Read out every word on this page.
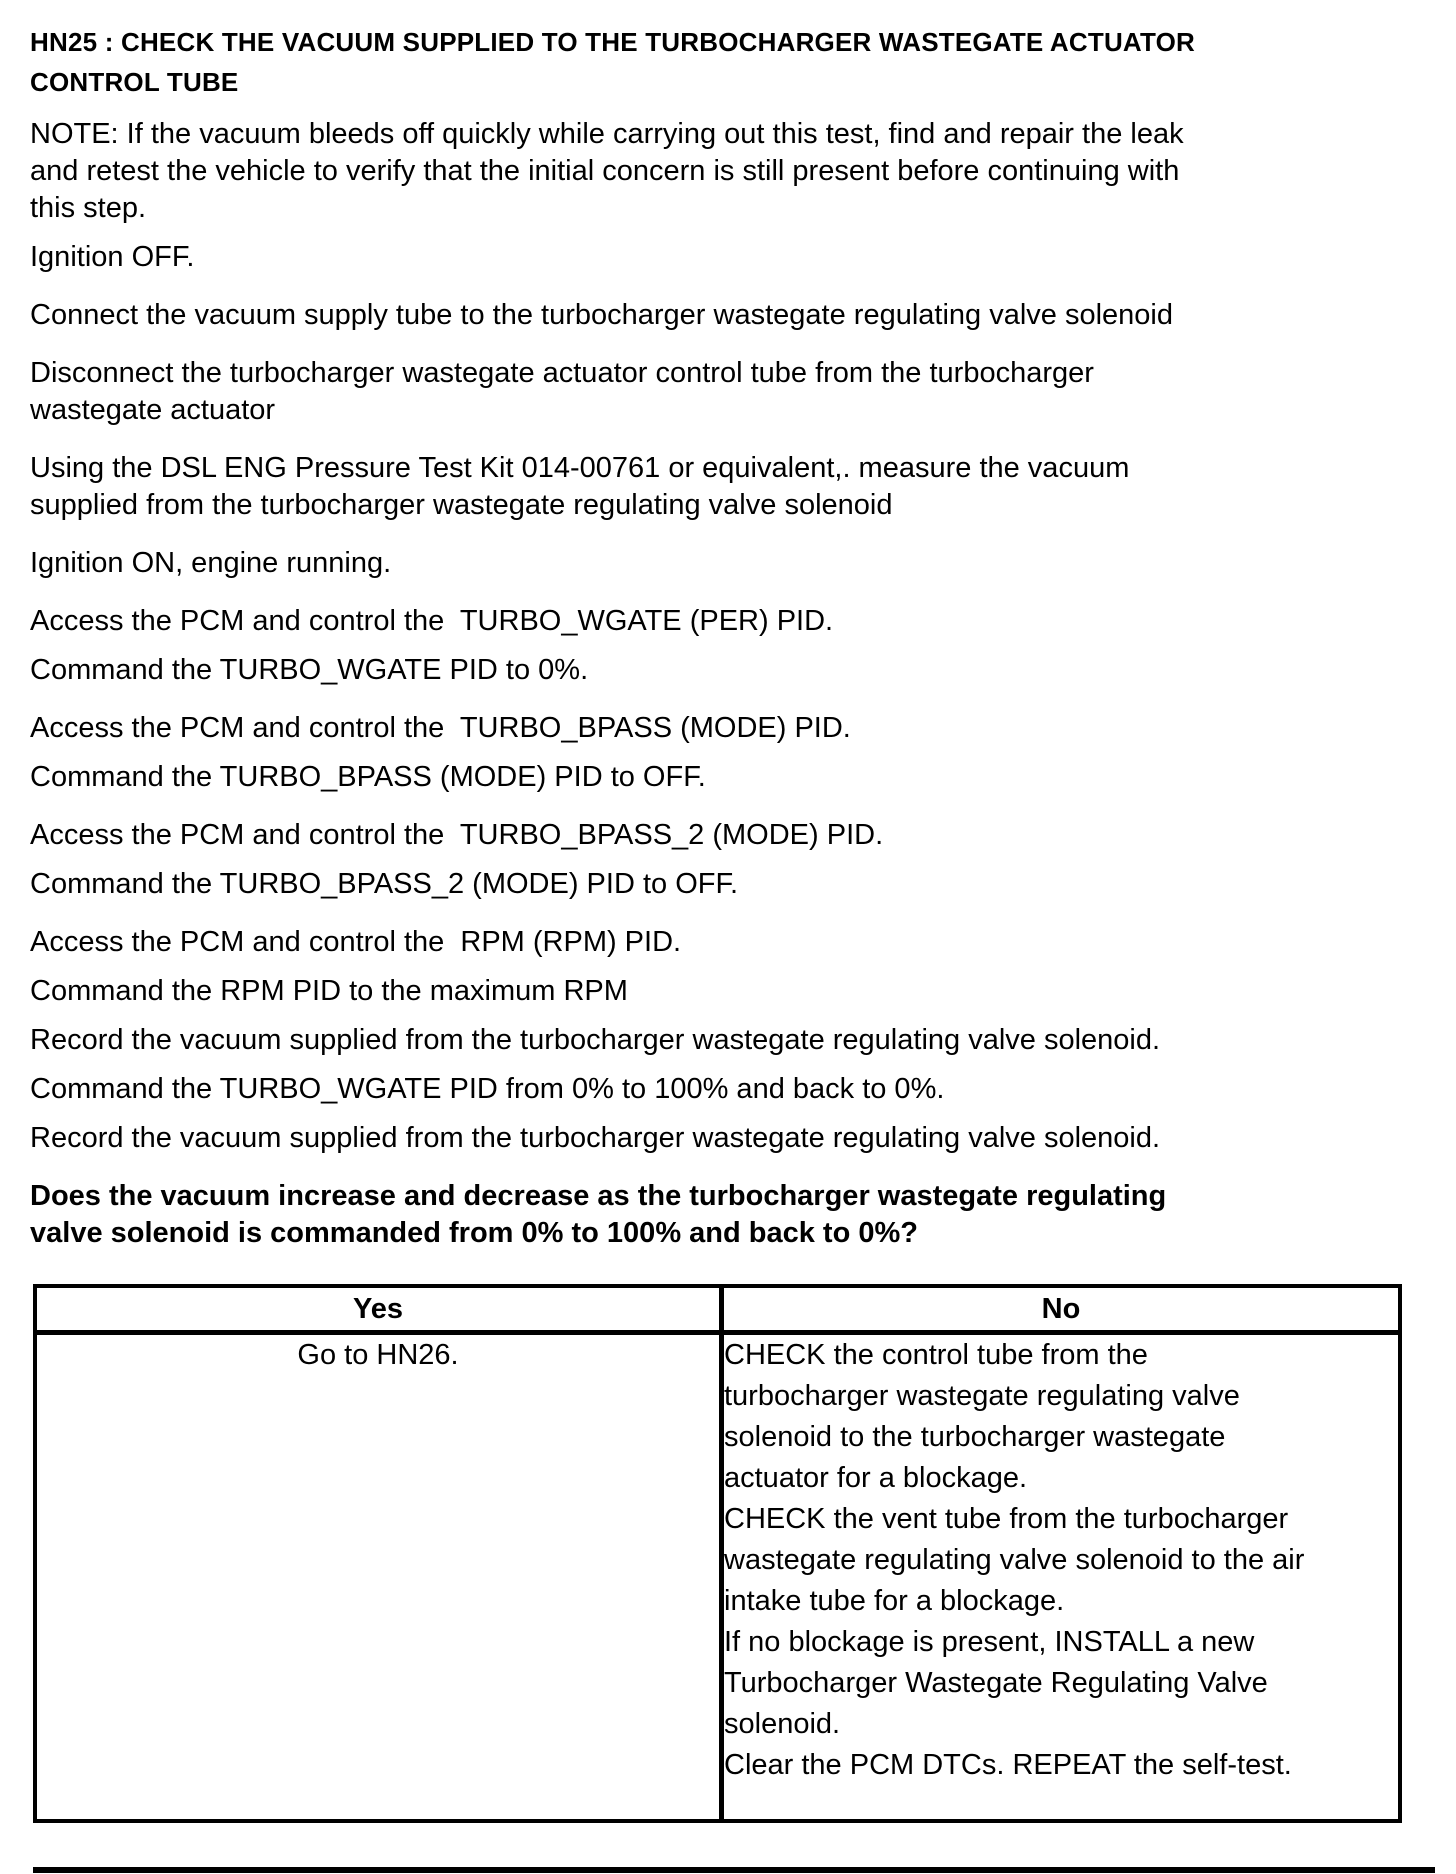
HN25 : CHECK THE VACUUM SUPPLIED TO THE TURBOCHARGER WASTEGATE ACTUATOR
CONTROL TUBE
NOTE: If the vacuum bleeds off quickly while carrying out this test, find and repair the leak
and retest the vehicle to verify that the initial concern is still present before continuing with
this step.
Ignition OFF.
Connect the vacuum supply tube to the turbocharger wastegate regulating valve solenoid
Disconnect the turbocharger wastegate actuator control tube from the turbocharger
wastegate actuator
Using the DSL ENG Pressure Test Kit 014-00761 or equivalent,. measure the vacuum
supplied from the turbocharger wastegate regulating valve solenoid
Ignition ON, engine running.
Access the PCM and control the  TURBO_WGATE (PER) PID.
Command the TURBO_WGATE PID to 0%.
Access the PCM and control the  TURBO_BPASS (MODE) PID.
Command the TURBO_BPASS (MODE) PID to OFF.
Access the PCM and control the  TURBO_BPASS_2 (MODE) PID.
Command the TURBO_BPASS_2 (MODE) PID to OFF.
Access the PCM and control the  RPM (RPM) PID.
Command the RPM PID to the maximum RPM
Record the vacuum supplied from the turbocharger wastegate regulating valve solenoid.
Command the TURBO_WGATE PID from 0% to 100% and back to 0%.
Record the vacuum supplied from the turbocharger wastegate regulating valve solenoid.
Does the vacuum increase and decrease as the turbocharger wastegate regulating
valve solenoid is commanded from 0% to 100% and back to 0%?
Yes	No

Go to HN26.	CHECK the control tube from the
turbocharger wastegate regulating valve
solenoid to the turbocharger wastegate
actuator for a blockage.
CHECK the vent tube from the turbocharger
wastegate regulating valve solenoid to the air
intake tube for a blockage.
If no blockage is present, INSTALL a new
Turbocharger Wastegate Regulating Valve
solenoid.
Clear the PCM DTCs. REPEAT the self-test.
